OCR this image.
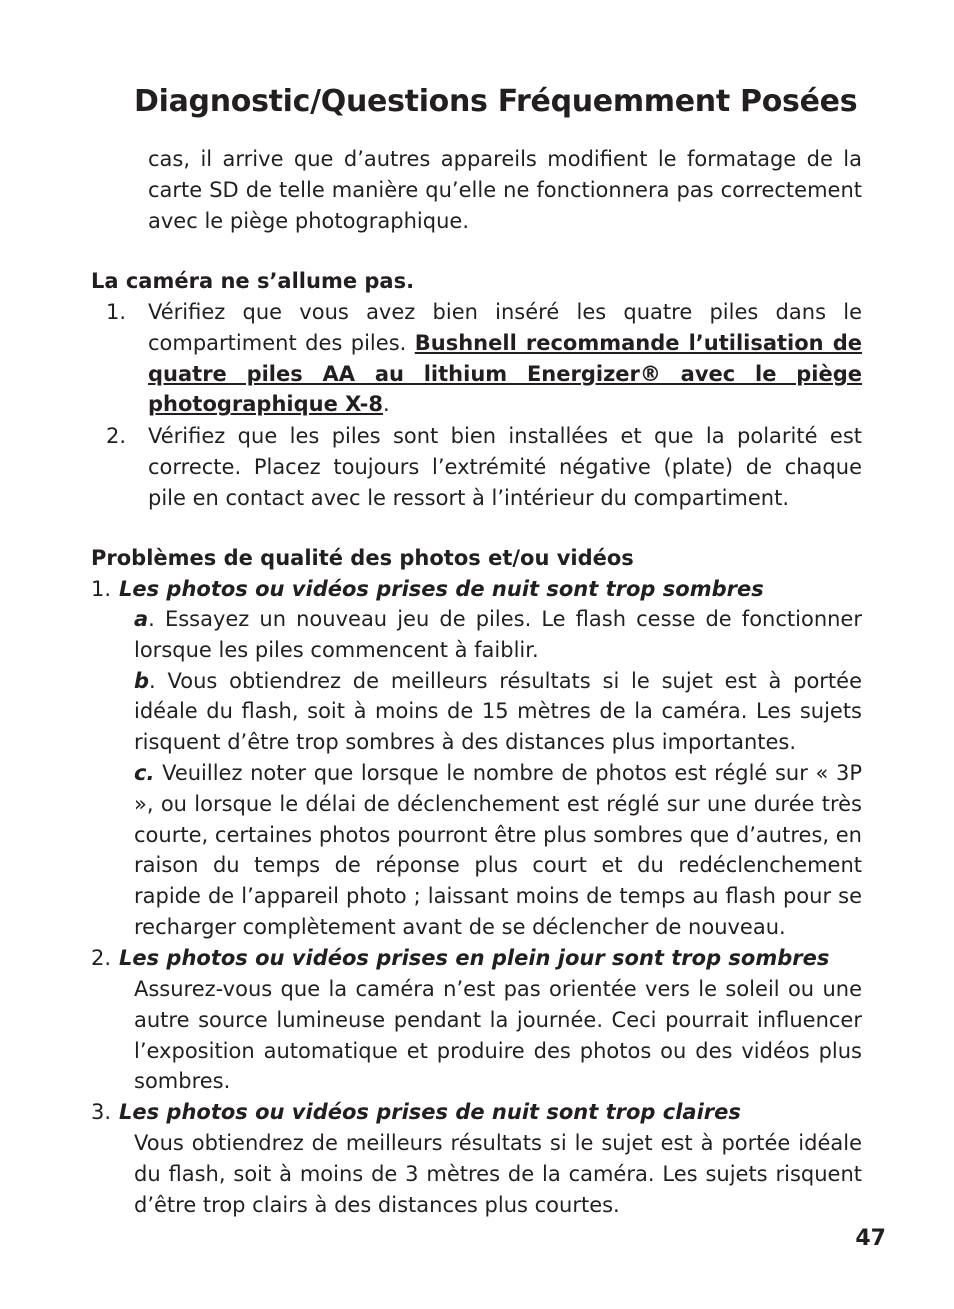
Diagnostic/Questions Fréquemment Posées

cas, il arrive que d’autres appareils modifient le formatage de la carte SD de telle manière qu’elle ne fonctionnera pas correctement avec le piège photographique.

La caméra ne s’allume pas.

1. Vérifiez que vous avez bien inséré les quatre piles dans le compartiment des piles. Bushnell recommande l’utilisation de quatre piles AA au lithium Energizer® avec le piège photographique X-8.

2. Vérifiez que les piles sont bien installées et que la polarité est correcte. Placez toujours l’extrémité négative (plate) de chaque pile en contact avec le ressort à l’intérieur du compartiment.

Problèmes de qualité des photos et/ou vidéos

1. Les photos ou vidéos prises de nuit sont trop sombres

a. Essayez un nouveau jeu de piles. Le flash cesse de fonctionner lorsque les piles commencent à faiblir.
b. Vous obtiendrez de meilleurs résultats si le sujet est à portée idéale du flash, soit à moins de 15 mètres de la caméra. Les sujets risquent d’être trop sombres à des distances plus importantes.
c. Veuillez noter que lorsque le nombre de photos est réglé sur « 3P », ou lorsque le délai de déclenchement est réglé sur une durée très courte, certaines photos pourront être plus sombres que d’autres, en raison du temps de réponse plus court et du redéclenchement rapide de l’appareil photo ; laissant moins de temps au flash pour se recharger complètement avant de se déclencher de nouveau.

2. Les photos ou vidéos prises en plein jour sont trop sombres

Assurez-vous que la caméra n’est pas orientée vers le soleil ou une autre source lumineuse pendant la journée. Ceci pourrait influencer l’exposition automatique et produire des photos ou des vidéos plus sombres.

3. Les photos ou vidéos prises de nuit sont trop claires

Vous obtiendrez de meilleurs résultats si le sujet est à portée idéale du flash, soit à moins de 3 mètres de la caméra. Les sujets risquent d’être trop clairs à des distances plus courtes.

47
